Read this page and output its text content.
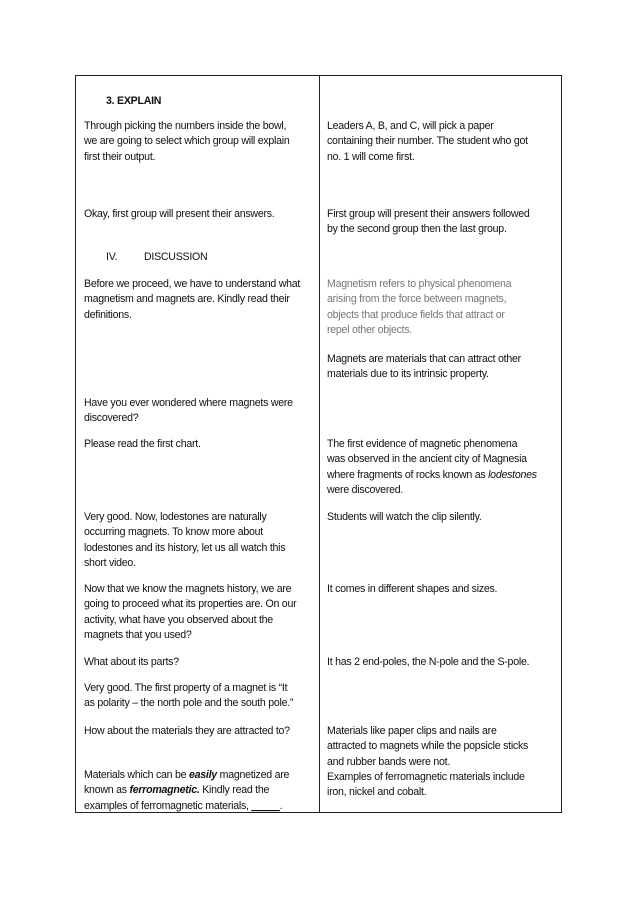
3. EXPLAIN
Through picking the numbers inside the bowl,
we are going to select which group will explain
first their output.
Okay, first group will present their answers.
IV.	DISCUSSION
Before we proceed, we have to understand what
magnetism and magnets are. Kindly read their
definitions.
Have you ever wondered where magnets were
discovered?
Please read the first chart.
Very good. Now, lodestones are naturally
occurring magnets. To know more about
lodestones and its history, let us all watch this
short video.
Now that we know the magnets history, we are
going to proceed what its properties are. On our
activity, what have you observed about the
magnets that you used?
What about its parts?
Very good. The first property of a magnet is “It
as polarity – the north pole and the south pole.”
How about the materials they are attracted to?
Materials which can be easily magnetized are
known as ferromagnetic. Kindly read the
examples of ferromagnetic materials, _____.
Leaders A, B, and C, will pick a paper
containing their number. The student who got
no. 1 will come first.
First group will present their answers followed
by the second group then the last group.
Magnetism refers to physical phenomena
arising from the force between magnets,
objects that produce fields that attract or
repel other objects.
Magnets are materials that can attract other
materials due to its intrinsic property.
The first evidence of magnetic phenomena
was observed in the ancient city of Magnesia
where fragments of rocks known as lodestones
were discovered.
Students will watch the clip silently.
It comes in different shapes and sizes.
It has 2 end-poles, the N-pole and the S-pole.
Materials like paper clips and nails are
attracted to magnets while the popsicle sticks
and rubber bands were not.
Examples of ferromagnetic materials include
iron, nickel and cobalt.
